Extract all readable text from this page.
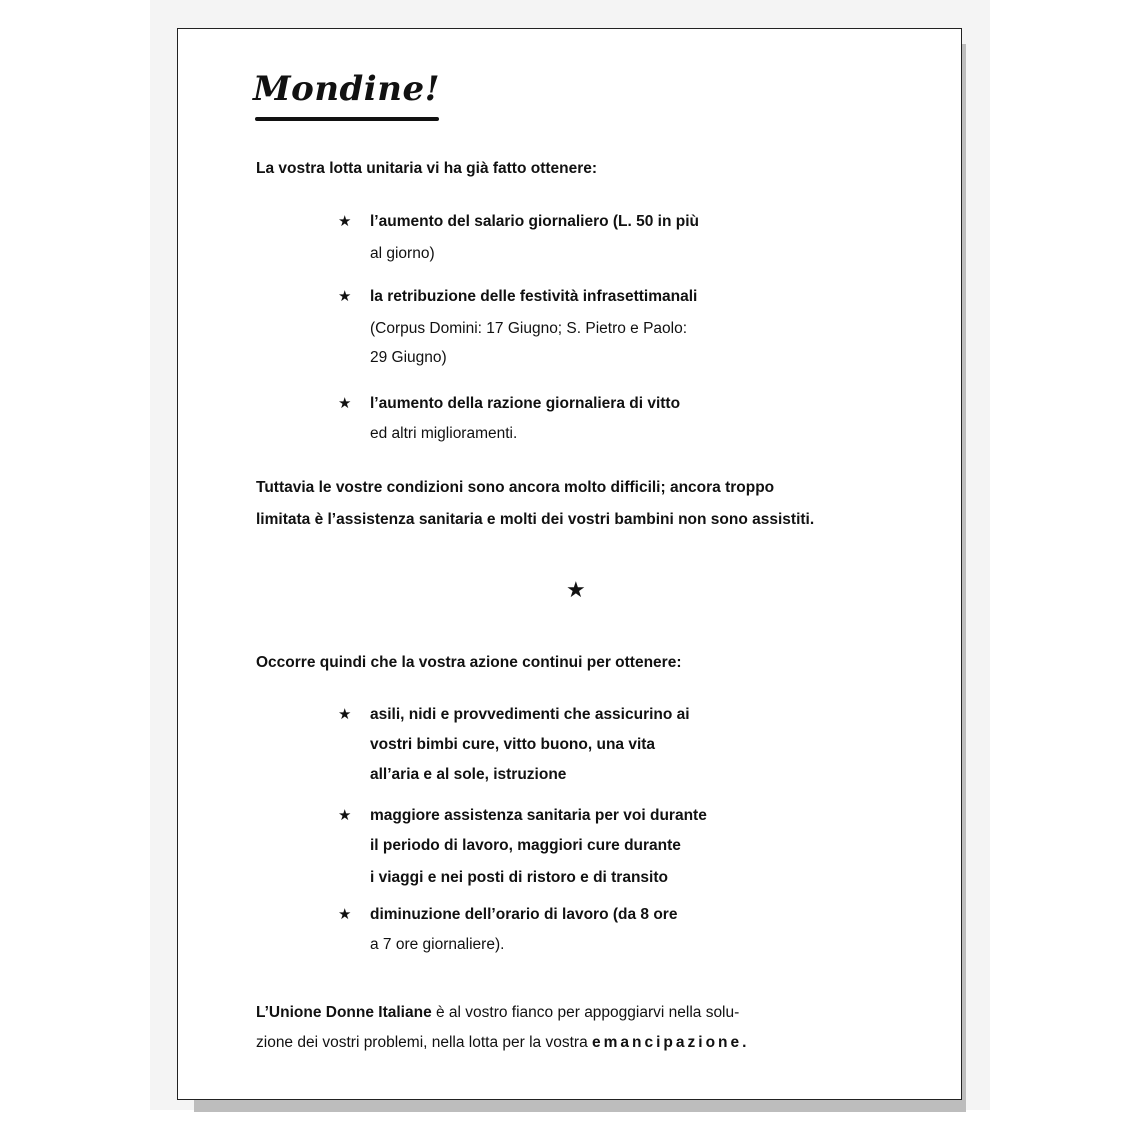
Mondine!
La vostra lotta unitaria vi ha già fatto ottenere:
★ l’aumento del salario giornaliero (L. 50 in più
al giorno)
★ la retribuzione delle festività infrasettimanali
(Corpus Domini: 17 Giugno; S. Pietro e Paolo:
29 Giugno)
★ l’aumento della razione giornaliera di vitto
ed altri miglioramenti.
Tuttavia le vostre condizioni sono ancora molto difficili; ancora troppo
limitata è l’assistenza sanitaria e molti dei vostri bambini non sono assistiti.
★
Occorre quindi che la vostra azione continui per ottenere:
★ asili, nidi e provvedimenti che assicurino ai
vostri bimbi cure, vitto buono, una vita
all’aria e al sole, istruzione
★ maggiore assistenza sanitaria per voi durante
il periodo di lavoro, maggiori cure durante
i viaggi e nei posti di ristoro e di transito
★ diminuzione dell’orario di lavoro (da 8 ore
a 7 ore giornaliere).
L’Unione Donne Italiane è al vostro fianco per appoggiarvi nella solu-
zione dei vostri problemi, nella lotta per la vostra emancipazione.
